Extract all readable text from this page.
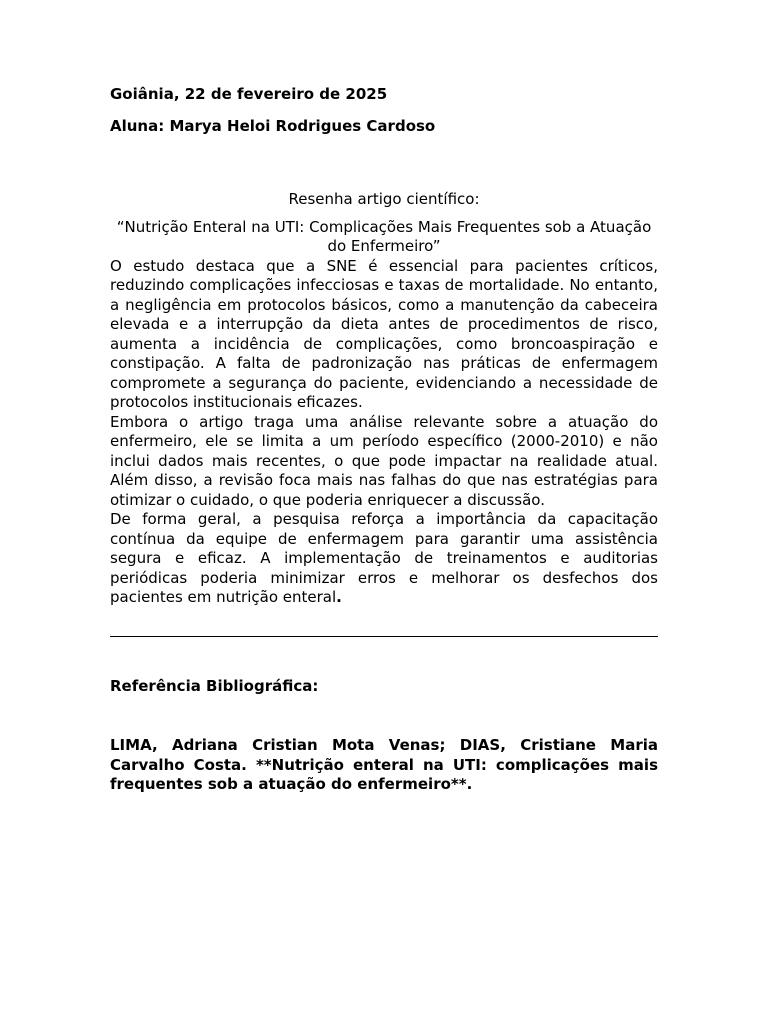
Goiânia, 22 de fevereiro de 2025

Aluna: Marya Heloi Rodrigues Cardoso

Resenha artigo científico:

“Nutrição Enteral na UTI: Complicações Mais Frequentes sob a Atuação do Enfermeiro”

O estudo destaca que a SNE é essencial para pacientes críticos, reduzindo complicações infecciosas e taxas de mortalidade. No entanto, a negligência em protocolos básicos, como a manutenção da cabeceira elevada e a interrupção da dieta antes de procedimentos de risco, aumenta a incidência de complicações, como broncoaspiração e constipação. A falta de padronização nas práticas de enfermagem compromete a segurança do paciente, evidenciando a necessidade de protocolos institucionais eficazes.

Embora o artigo traga uma análise relevante sobre a atuação do enfermeiro, ele se limita a um período específico (2000-2010) e não inclui dados mais recentes, o que pode impactar na realidade atual. Além disso, a revisão foca mais nas falhas do que nas estratégias para otimizar o cuidado, o que poderia enriquecer a discussão.

De forma geral, a pesquisa reforça a importância da capacitação contínua da equipe de enfermagem para garantir uma assistência segura e eficaz. A implementação de treinamentos e auditorias periódicas poderia minimizar erros e melhorar os desfechos dos pacientes em nutrição enteral.

Referência Bibliográfica:

LIMA, Adriana Cristian Mota Venas; DIAS, Cristiane Maria Carvalho Costa. **Nutrição enteral na UTI: complicações mais frequentes sob a atuação do enfermeiro**.
